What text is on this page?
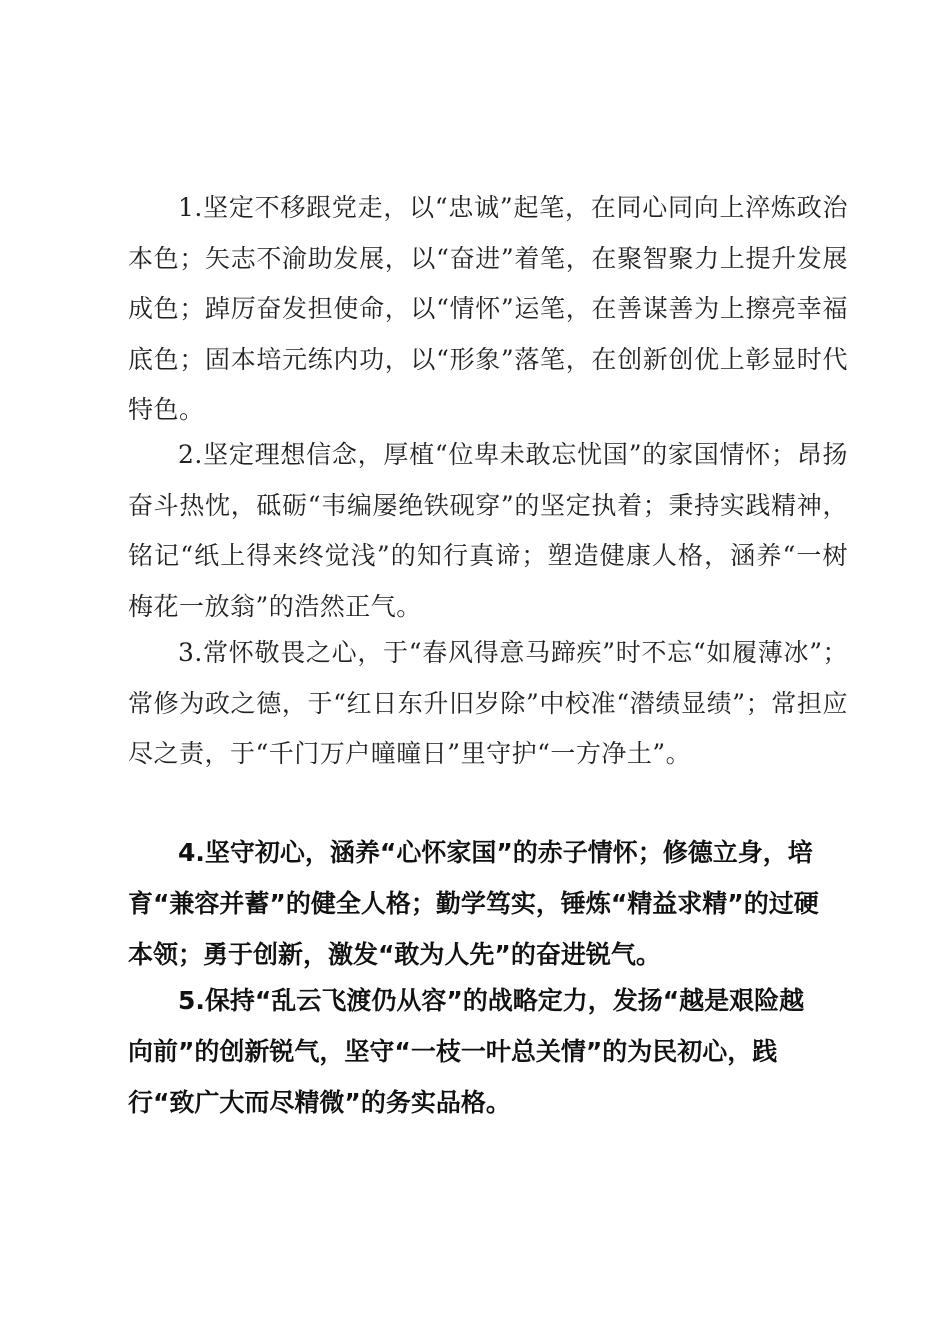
1.坚定不移跟党走，以“忠诚”起笔，在同心同向上淬炼政治本色；矢志不渝助发展，以“奋进”着笔，在聚智聚力上提升发展成色；踔厉奋发担使命，以“情怀”运笔，在善谋善为上擦亮幸福底色；固本培元练内功，以“形象”落笔，在创新创优上彰显时代特色。

2.坚定理想信念，厚植“位卑未敢忘忧国”的家国情怀；昂扬奋斗热忱，砥砺“韦编屡绝铁砚穿”的坚定执着；秉持实践精神，铭记“纸上得来终觉浅”的知行真谛；塑造健康人格，涵养“一树梅花一放翁”的浩然正气。

3.常怀敬畏之心，于“春风得意马蹄疾”时不忘“如履薄冰”；常修为政之德，于“红日东升旧岁除”中校准“潜绩显绩”；常担应尽之责，于“千门万户曈曈日”里守护“一方净土”。

4.坚守初心，涵养“心怀家国”的赤子情怀；修德立身，培育“兼容并蓄”的健全人格；勤学笃实，锤炼“精益求精”的过硬本领；勇于创新，激发“敢为人先”的奋进锐气。

5.保持“乱云飞渡仍从容”的战略定力，发扬“越是艰险越向前”的创新锐气，坚守“一枝一叶总关情”的为民初心，践行“致广大而尽精微”的务实品格。
